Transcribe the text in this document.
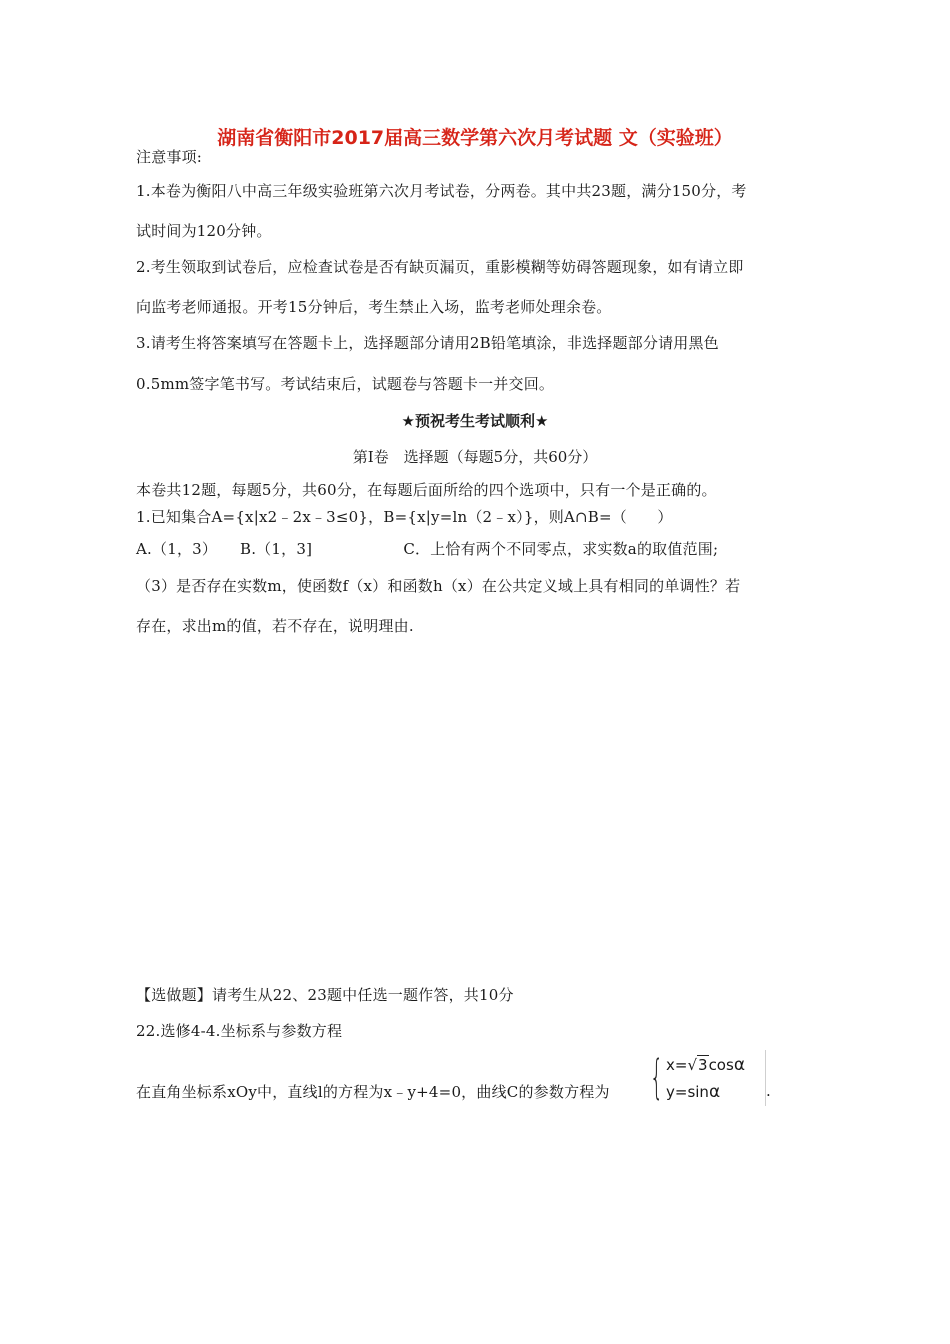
湖南省衡阳市2017届高三数学第六次月考试题 文（实验班）
注意事项:
1.本卷为衡阳八中高三年级实验班第六次月考试卷，分两卷。其中共23题，满分150分，考
试时间为120分钟。
2.考生领取到试卷后，应检查试卷是否有缺页漏页，重影模糊等妨碍答题现象，如有请立即
向监考老师通报。开考15分钟后，考生禁止入场，监考老师处理余卷。
3.请考生将答案填写在答题卡上，选择题部分请用2B铅笔填涂，非选择题部分请用黑色
0.5mm签字笔书写。考试结束后，试题卷与答题卡一并交回。
★预祝考生考试顺利★
第Ⅰ卷　选择题（每题5分，共60分）
本卷共12题，每题5分，共60分，在每题后面所给的四个选项中，只有一个是正确的。
1.已知集合A={x|x2﹣2x﹣3≤0}，B={x|y=ln（2﹣x）}，则A∩B=（　　）
A.（1，3）　　B.（1，3]　　　　　　C．上恰有两个不同零点，求实数a的取值范围;
（3）是否存在实数m，使函数f（x）和函数h（x）在公共定义域上具有相同的单调性？若
存在，求出m的值，若不存在，说明理由.
【选做题】请考生从22、23题中任选一题作答，共10分
22.选修4-4.坐标系与参数方程
在直角坐标系xOy中，直线l的方程为x﹣y+4=0，曲线C的参数方程为 { x=√3cosα
y=sinα	.
